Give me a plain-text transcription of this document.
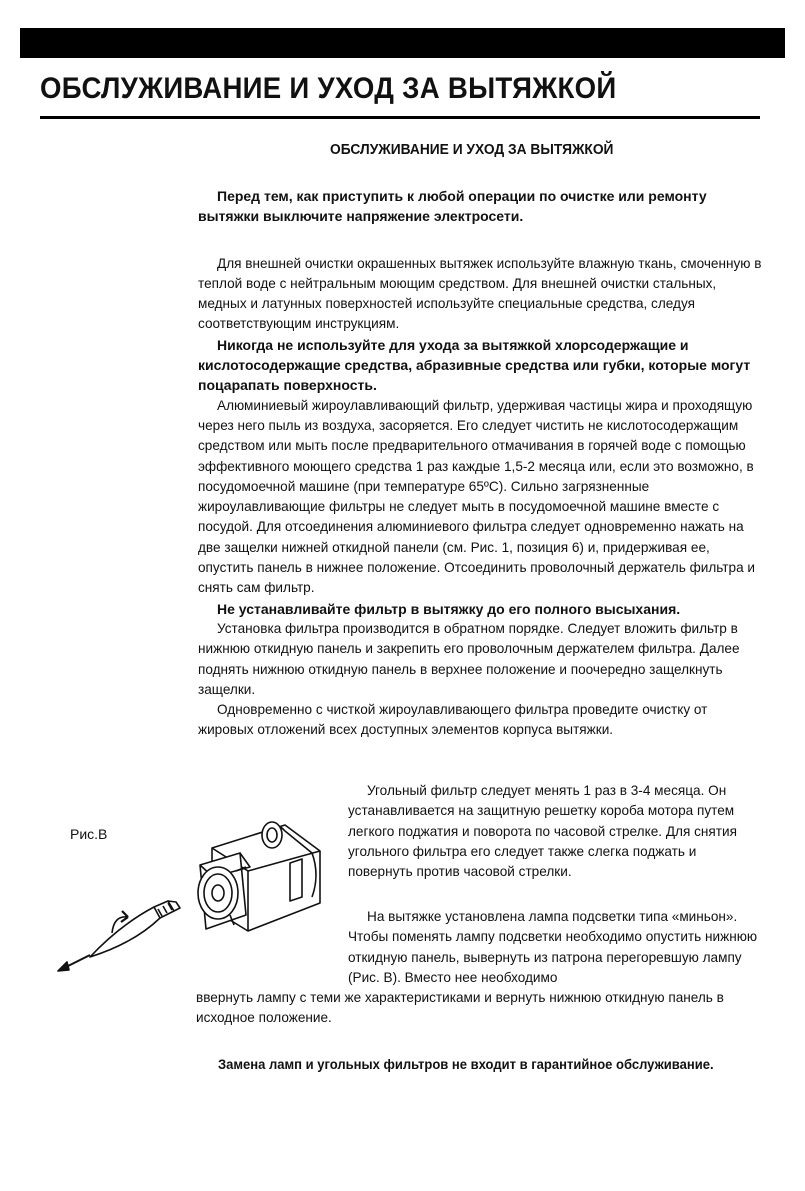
ОБСЛУЖИВАНИЕ И УХОД ЗА ВЫТЯЖКОЙ
ОБСЛУЖИВАНИЕ И УХОД ЗА ВЫТЯЖКОЙ

Перед тем, как приступить к любой операции по очистке или ремонту вытяжки выключите напряжение электросети.

Для внешней очистки окрашенных вытяжек используйте влажную ткань, смоченную в теплой воде с нейтральным моющим средством. Для внешней очистки стальных, медных и латунных поверхностей используйте специальные средства, следуя соответствующим инструкциям.

Никогда не используйте для ухода за вытяжкой хлорсодержащие и кислотосодержащие средства, абразивные средства или губки, которые могут поцарапать поверхность.

Алюминиевый жироулавливающий фильтр, удерживая частицы жира и проходящую через него пыль из воздуха, засоряется. Его следует чистить не кислотосодержащим средством или мыть после предварительного отмачивания в горячей воде с помощью эффективного моющего средства 1 раз каждые 1,5-2 месяца или, если это возможно, в посудомоечной машине (при температуре 65ºС). Сильно загрязненные жироулавливающие фильтры не следует мыть в посудомоечной машине вместе с посудой. Для отсоединения алюминиевого фильтра следует одновременно нажать на две защелки нижней откидной панели (см. Рис. 1, позиция 6) и, придерживая ее, опустить панель в нижнее положение. Отсоединить проволочный держатель фильтра и снять сам фильтр.

Не устанавливайте фильтр в вытяжку до его полного высыхания.

Установка фильтра производится в обратном порядке. Следует вложить фильтр в нижнюю откидную панель и закрепить его проволочным держателем фильтра. Далее поднять нижнюю откидную панель в верхнее положение и поочередно защелкнуть защелки.

Одновременно с чисткой жироулавливающего фильтра проведите очистку от жировых отложений всех доступных элементов корпуса вытяжки.

Угольный фильтр следует менять 1 раз в 3-4 месяца. Он устанавливается на защитную решетку короба мотора путем легкого поджатия и поворота по часовой стрелке. Для снятия угольного фильтра его следует также слегка поджать и повернуть против часовой стрелки.

На вытяжке установлена лампа подсветки типа «миньон». Чтобы поменять лампу подсветки необходимо опустить нижнюю откидную панель, вывернуть из патрона перегоревшую лампу (Рис. В). Вместо нее необходимо

ввернуть лампу с теми же характеристиками и вернуть нижнюю откидную панель в исходное положение.

Рис.В

Замена ламп и угольных фильтров не входит в гарантийное обслуживание.
